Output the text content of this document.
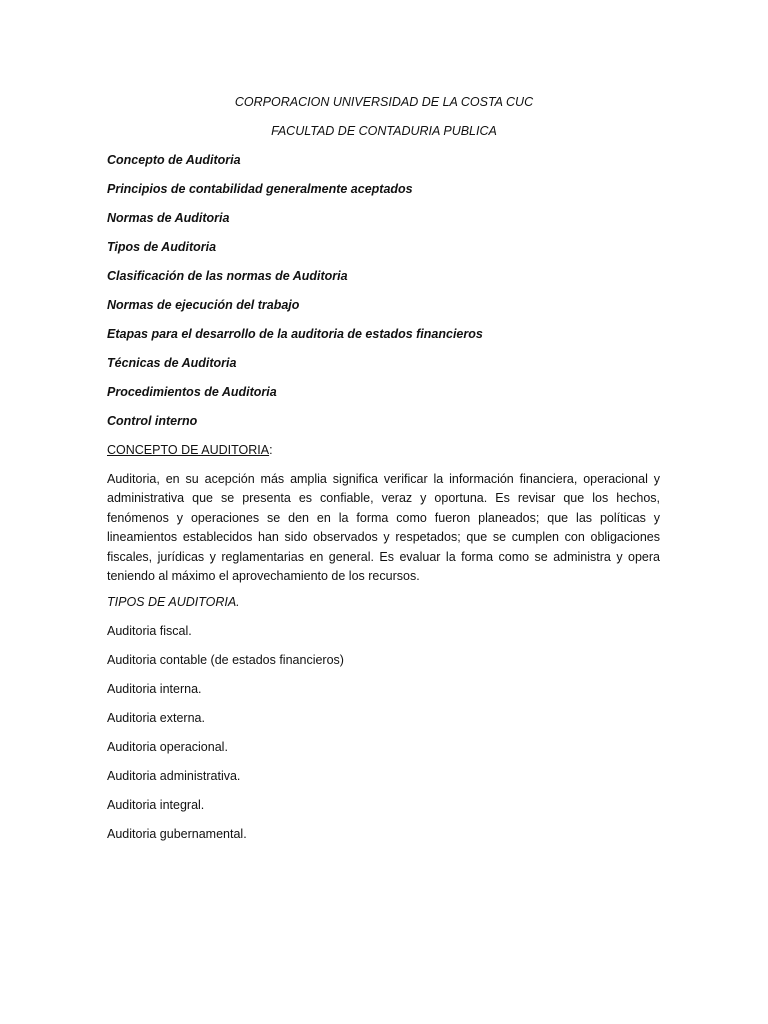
CORPORACION UNIVERSIDAD DE LA COSTA CUC
FACULTAD DE CONTADURIA PUBLICA
Concepto de Auditoria
Principios de contabilidad generalmente aceptados
Normas de Auditoria
Tipos de Auditoria
Clasificación de las normas de Auditoria
Normas de ejecución del trabajo
Etapas para el desarrollo de la auditoria de estados financieros
Técnicas de Auditoria
Procedimientos de Auditoria
Control interno
CONCEPTO DE AUDITORIA:
Auditoria, en su acepción más amplia significa verificar la información financiera, operacional y administrativa que se presenta es confiable, veraz y oportuna. Es revisar que los hechos, fenómenos y operaciones se den en la forma como fueron planeados; que las políticas y lineamientos establecidos han sido observados y respetados; que se cumplen con obligaciones fiscales, jurídicas y reglamentarias en general. Es evaluar la forma como se administra y opera teniendo al máximo el aprovechamiento de los recursos.
TIPOS DE AUDITORIA.
Auditoria fiscal.
Auditoria contable (de estados financieros)
Auditoria interna.
Auditoria externa.
Auditoria operacional.
Auditoria administrativa.
Auditoria integral.
Auditoria gubernamental.
